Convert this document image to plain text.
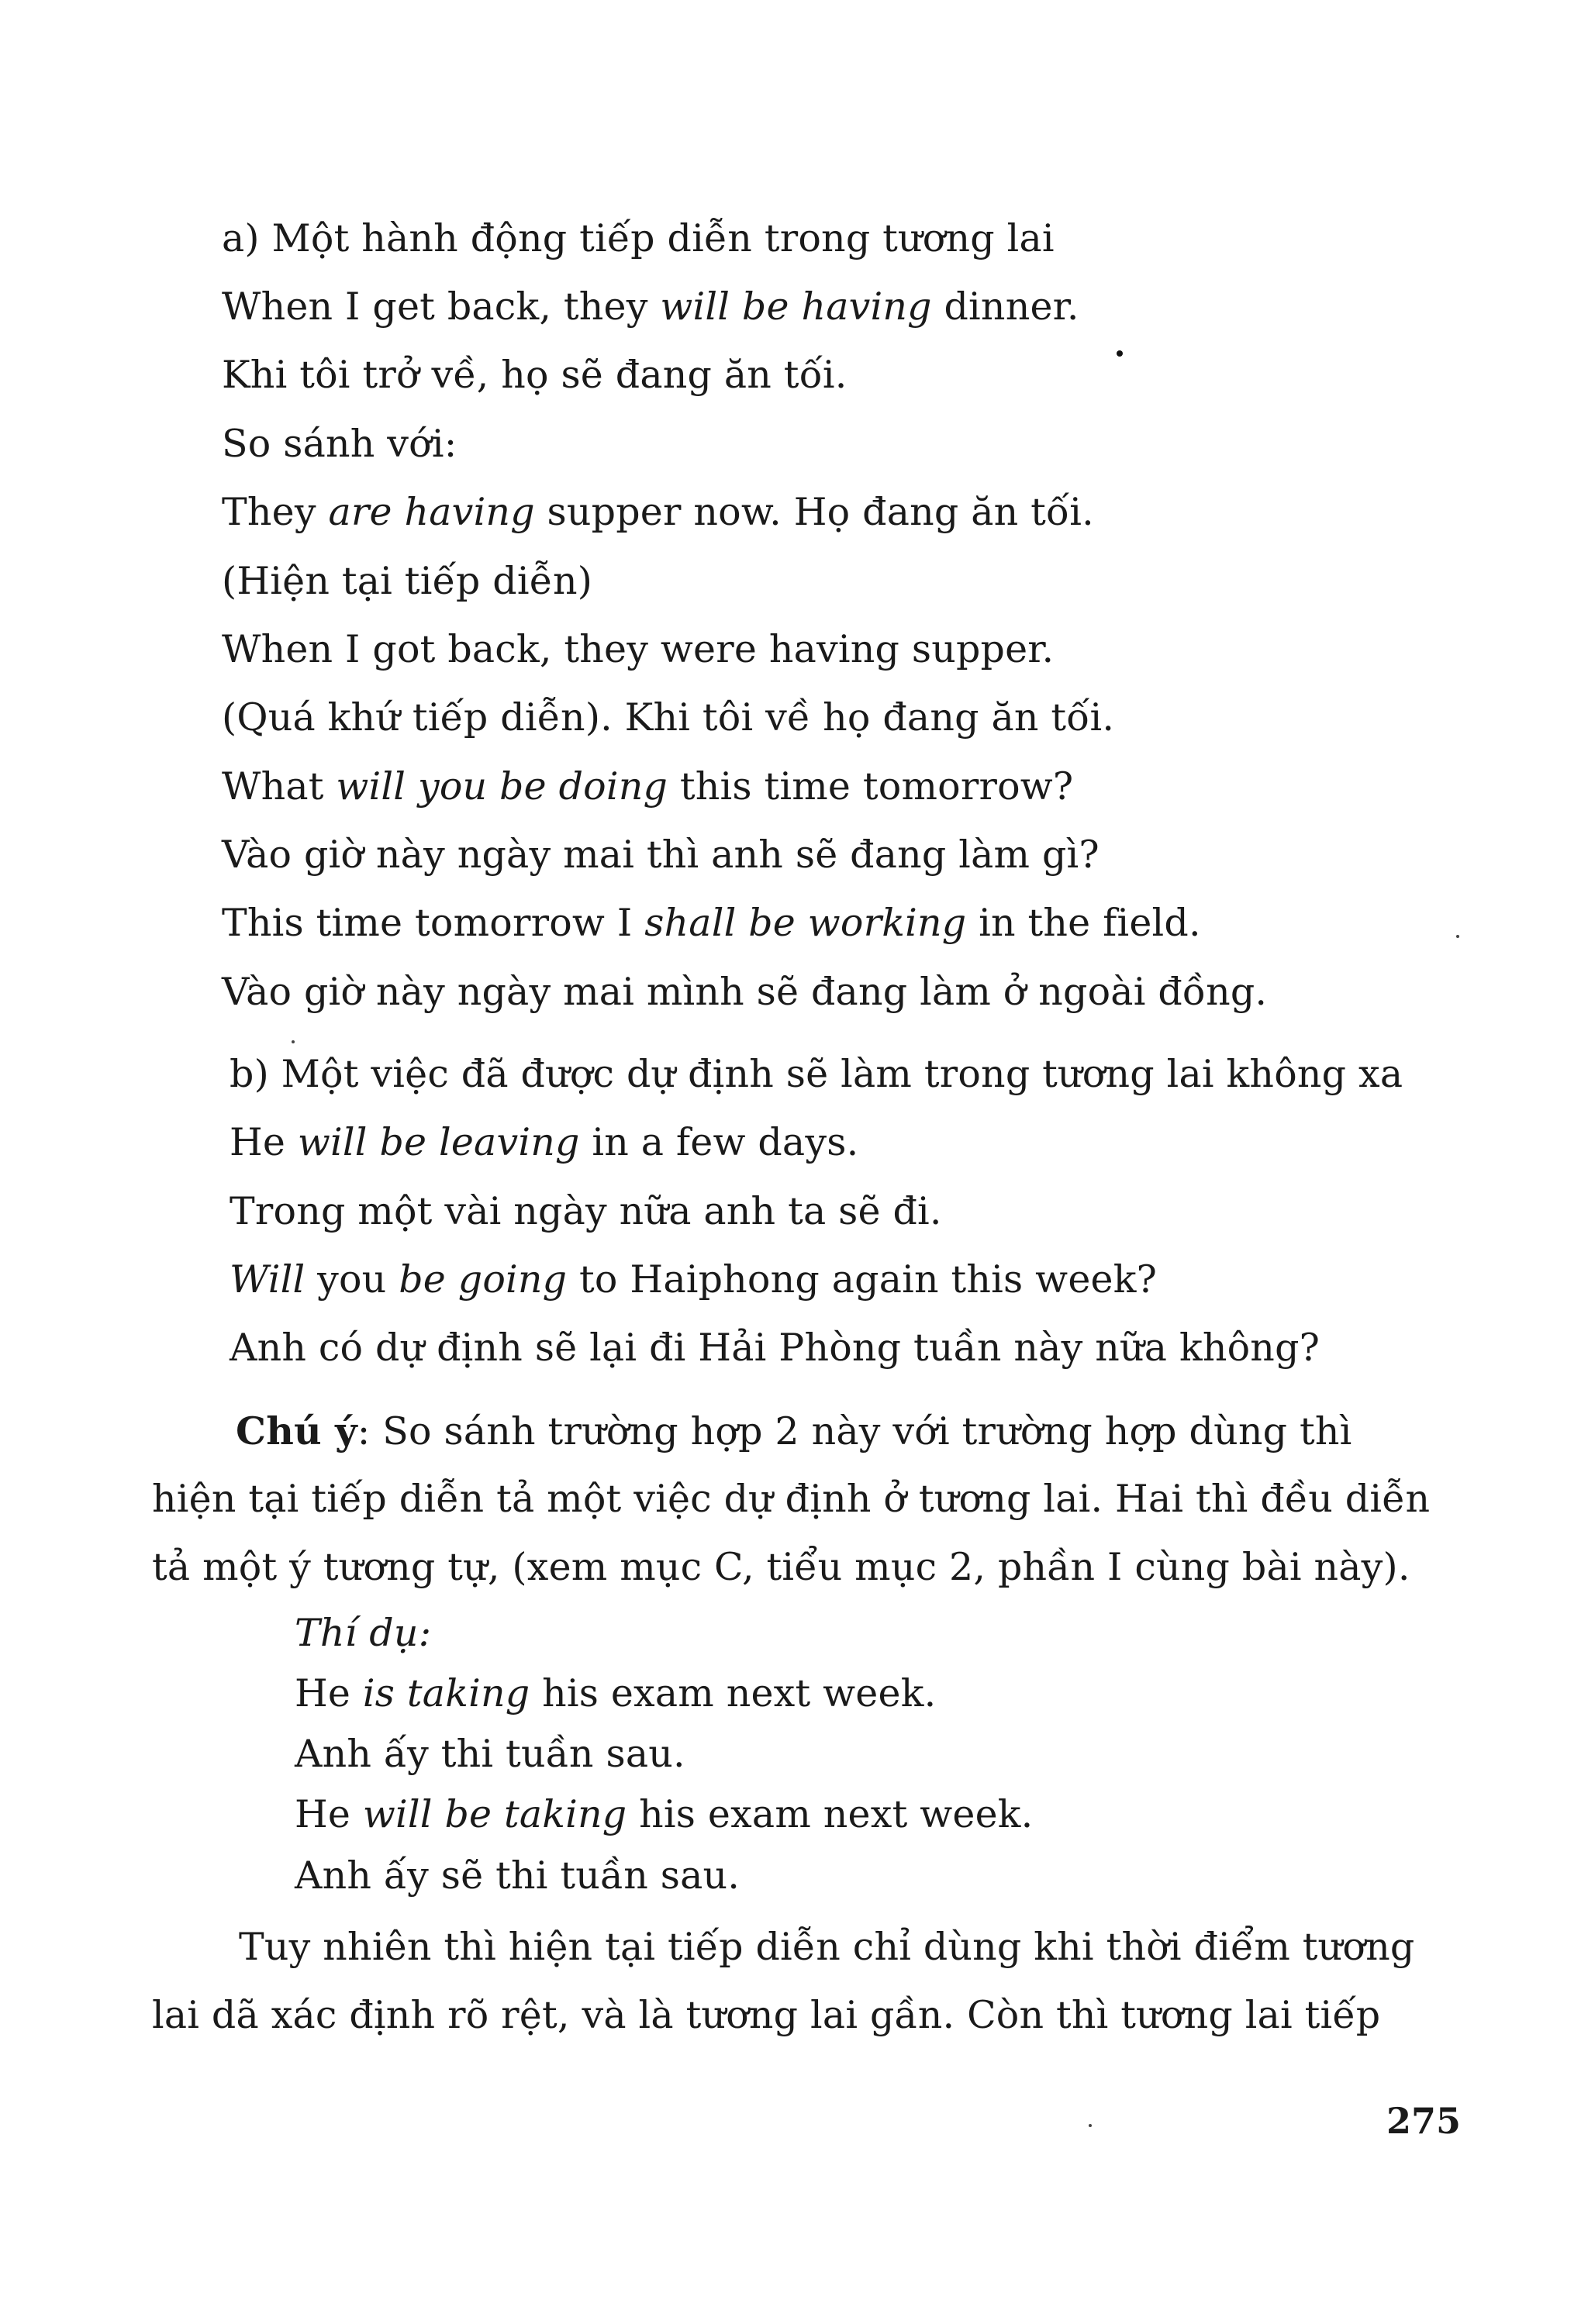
a) Một hành động tiếp diễn trong tương lai
When I get back, they will be having dinner.
Khi tôi trở về, họ sẽ đang ăn tối.
So sánh với:
They are having supper now. Họ đang ăn tối.
(Hiện tại tiếp diễn)
When I got back, they were having supper.
(Quá khứ tiếp diễn). Khi tôi về họ đang ăn tối.
What will you be doing this time tomorrow?
Vào giờ này ngày mai thì anh sẽ đang làm gì?
This time tomorrow I shall be working in the field.
Vào giờ này ngày mai mình sẽ đang làm ở ngoài đồng.
b) Một việc đã được dự định sẽ làm trong tương lai không xa
He will be leaving in a few days.
Trong một vài ngày nữa anh ta sẽ đi.
Will you be going to Haiphong again this week?
Anh có dự định sẽ lại đi Hải Phòng tuần này nữa không?
Chú ý: So sánh trường hợp 2 này với trường hợp dùng thì
hiện tại tiếp diễn tả một việc dự định ở tương lai. Hai thì đều diễn
tả một ý tương tự, (xem mục C, tiểu mục 2, phần I cùng bài này).
Thí dụ:
He is taking his exam next week.
Anh ấy thi tuần sau.
He will be taking his exam next week.
Anh ấy sẽ thi tuần sau.
Tuy nhiên thì hiện tại tiếp diễn chỉ dùng khi thời điểm tương
lai dã xác định rõ rệt, và là tương lai gần. Còn thì tương lai tiếp
275
